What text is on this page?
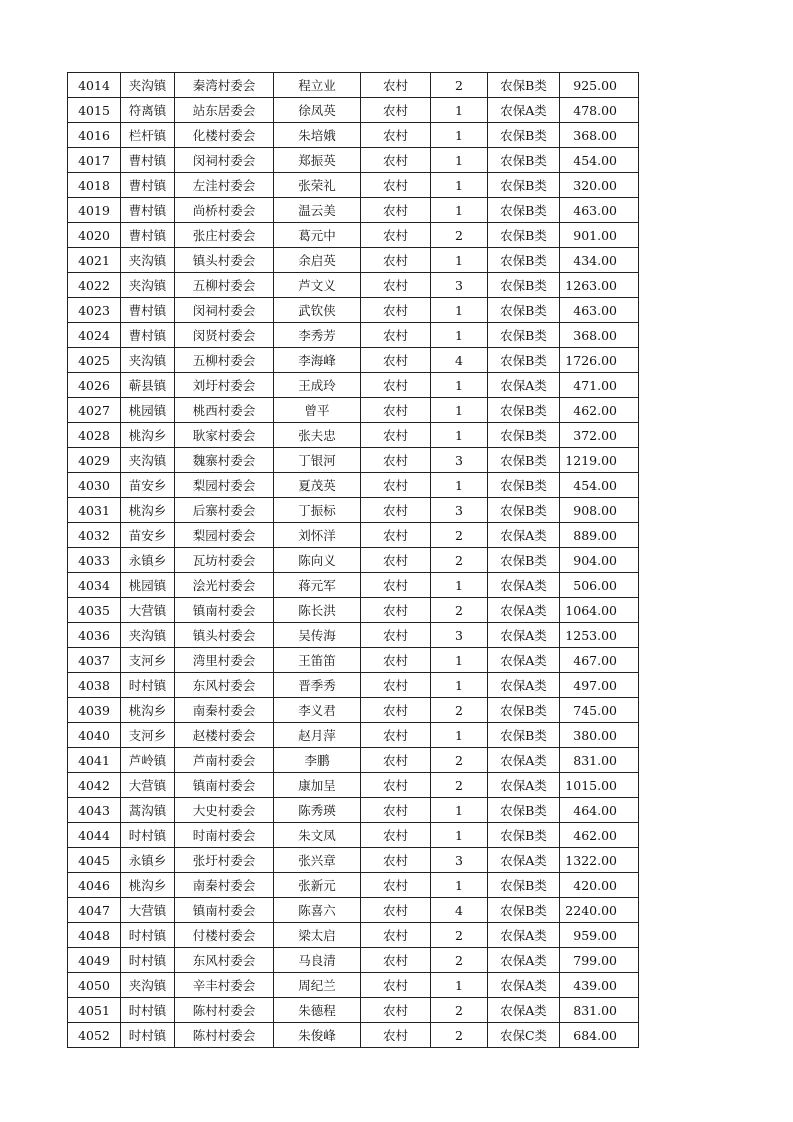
4014	夹沟镇	秦湾村委会	程立业	农村	2	农保B类	925.00
4015	符离镇	站东居委会	徐凤英	农村	1	农保A类	478.00
4016	栏杆镇	化楼村委会	朱培娥	农村	1	农保B类	368.00
4017	曹村镇	闵祠村委会	郑振英	农村	1	农保B类	454.00
4018	曹村镇	左洼村委会	张荣礼	农村	1	农保B类	320.00
4019	曹村镇	尚桥村委会	温云美	农村	1	农保B类	463.00
4020	曹村镇	张庄村委会	葛元中	农村	2	农保B类	901.00
4021	夹沟镇	镇头村委会	余启英	农村	1	农保B类	434.00
4022	夹沟镇	五柳村委会	芦文义	农村	3	农保B类	1263.00
4023	曹村镇	闵祠村委会	武钦侠	农村	1	农保B类	463.00
4024	曹村镇	闵贤村委会	李秀芳	农村	1	农保B类	368.00
4025	夹沟镇	五柳村委会	李海峰	农村	4	农保B类	1726.00
4026	蕲县镇	刘圩村委会	王成玲	农村	1	农保A类	471.00
4027	桃园镇	桃西村委会	曾平	农村	1	农保B类	462.00
4028	桃沟乡	耿家村委会	张夫忠	农村	1	农保B类	372.00
4029	夹沟镇	魏寨村委会	丁银河	农村	3	农保B类	1219.00
4030	苗安乡	梨园村委会	夏茂英	农村	1	农保B类	454.00
4031	桃沟乡	后寨村委会	丁振标	农村	3	农保B类	908.00
4032	苗安乡	梨园村委会	刘怀洋	农村	2	农保A类	889.00
4033	永镇乡	瓦坊村委会	陈向义	农村	2	农保B类	904.00
4034	桃园镇	浍光村委会	蒋元军	农村	1	农保A类	506.00
4035	大营镇	镇南村委会	陈长洪	农村	2	农保A类	1064.00
4036	夹沟镇	镇头村委会	吴传海	农村	3	农保A类	1253.00
4037	支河乡	湾里村委会	王笛笛	农村	1	农保A类	467.00
4038	时村镇	东风村委会	晋季秀	农村	1	农保A类	497.00
4039	桃沟乡	南秦村委会	李义君	农村	2	农保B类	745.00
4040	支河乡	赵楼村委会	赵月萍	农村	1	农保B类	380.00
4041	芦岭镇	芦南村委会	李鹏	农村	2	农保A类	831.00
4042	大营镇	镇南村委会	康加呈	农村	2	农保A类	1015.00
4043	蒿沟镇	大史村委会	陈秀瑛	农村	1	农保B类	464.00
4044	时村镇	时南村委会	朱文凤	农村	1	农保B类	462.00
4045	永镇乡	张圩村委会	张兴章	农村	3	农保A类	1322.00
4046	桃沟乡	南秦村委会	张新元	农村	1	农保B类	420.00
4047	大营镇	镇南村委会	陈喜六	农村	4	农保B类	2240.00
4048	时村镇	付楼村委会	梁太启	农村	2	农保A类	959.00
4049	时村镇	东风村委会	马良清	农村	2	农保A类	799.00
4050	夹沟镇	辛丰村委会	周纪兰	农村	1	农保A类	439.00
4051	时村镇	陈村村委会	朱德程	农村	2	农保A类	831.00
4052	时村镇	陈村村委会	朱俊峰	农村	2	农保C类	684.00
